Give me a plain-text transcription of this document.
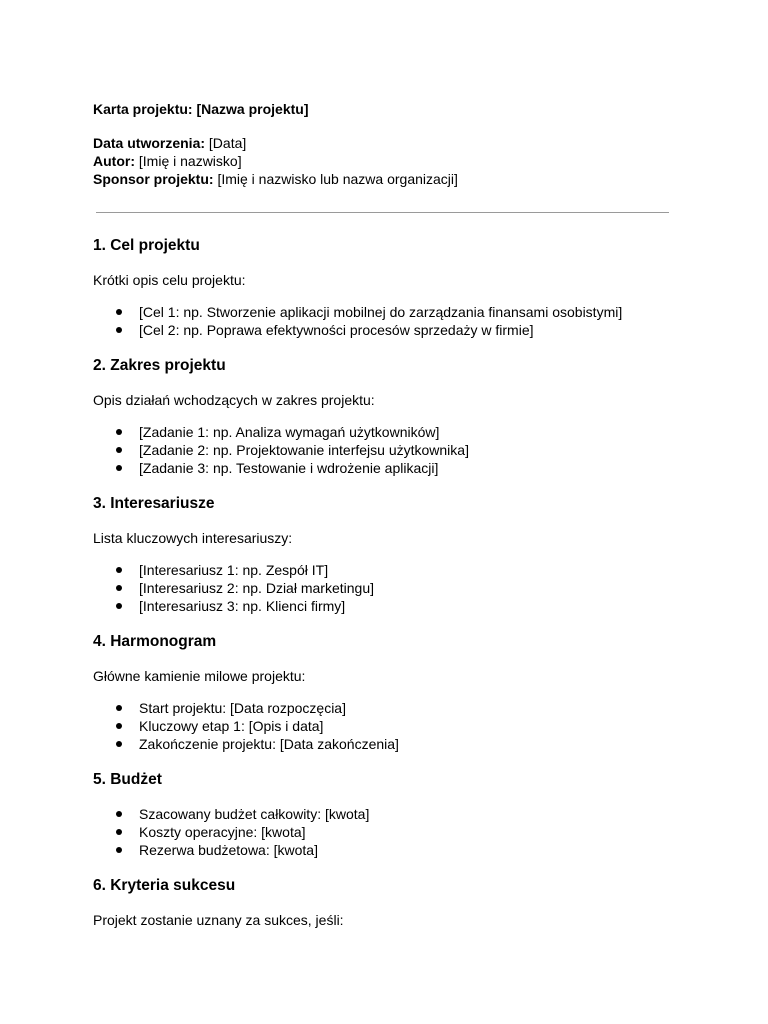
Karta projektu: [Nazwa projektu]
Data utworzenia: [Data]
Autor: [Imię i nazwisko]
Sponsor projektu: [Imię i nazwisko lub nazwa organizacji]
1. Cel projektu
Krótki opis celu projektu:
[Cel 1: np. Stworzenie aplikacji mobilnej do zarządzania finansami osobistymi]
[Cel 2: np. Poprawa efektywności procesów sprzedaży w firmie]
2. Zakres projektu
Opis działań wchodzących w zakres projektu:
[Zadanie 1: np. Analiza wymagań użytkowników]
[Zadanie 2: np. Projektowanie interfejsu użytkownika]
[Zadanie 3: np. Testowanie i wdrożenie aplikacji]
3. Interesariusze
Lista kluczowych interesariuszy:
[Interesariusz 1: np. Zespół IT]
[Interesariusz 2: np. Dział marketingu]
[Interesariusz 3: np. Klienci firmy]
4. Harmonogram
Główne kamienie milowe projektu:
Start projektu: [Data rozpoczęcia]
Kluczowy etap 1: [Opis i data]
Zakończenie projektu: [Data zakończenia]
5. Budżet
Szacowany budżet całkowity: [kwota]
Koszty operacyjne: [kwota]
Rezerwa budżetowa: [kwota]
6. Kryteria sukcesu
Projekt zostanie uznany za sukces, jeśli:
